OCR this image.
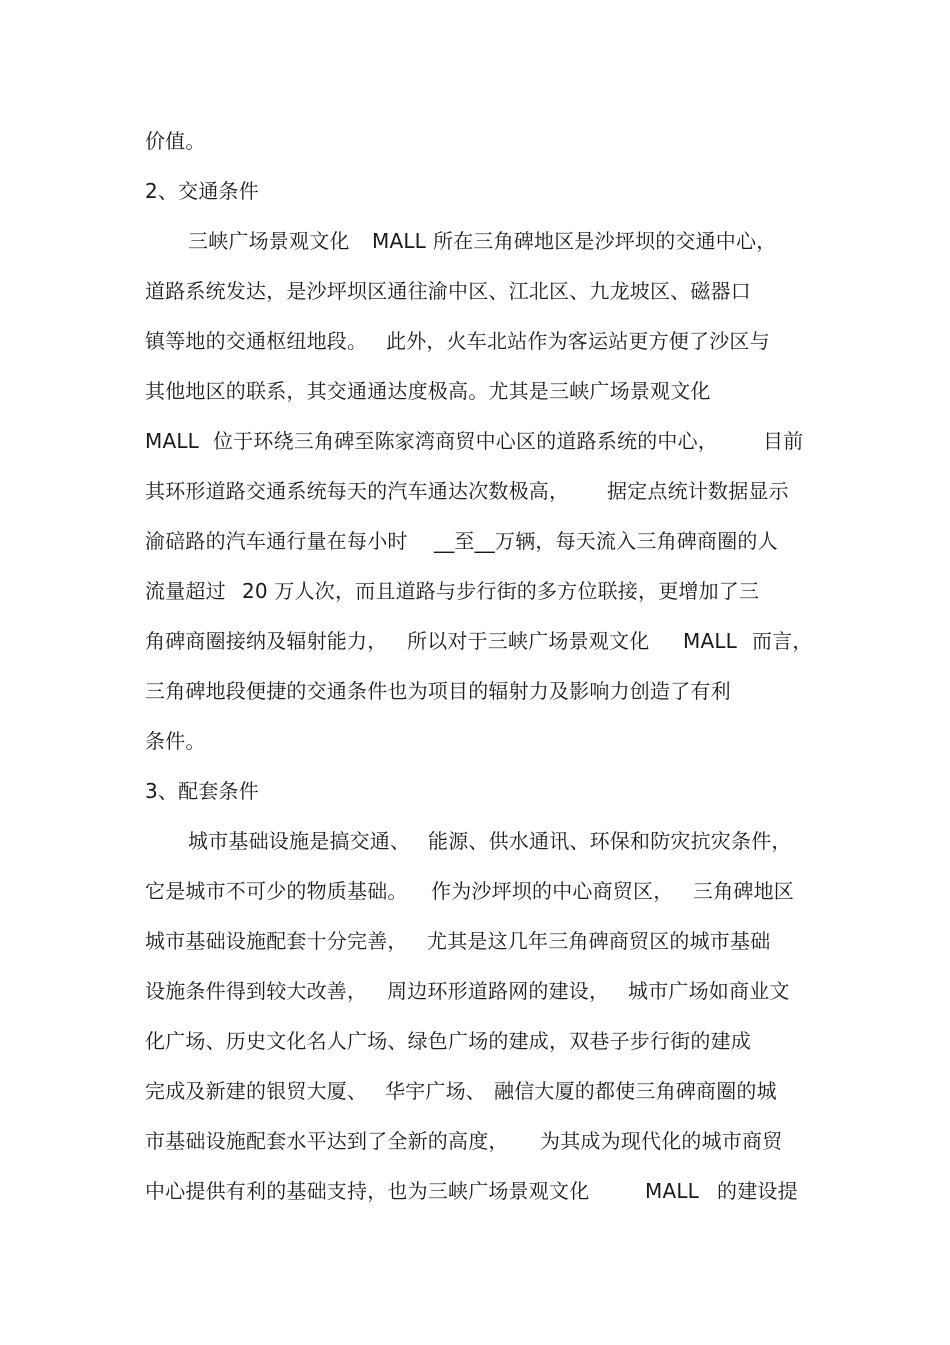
价值。

2、交通条件

三峡广场景观文化

MALL

所在三角碑地区是沙坪坝的交通中心，

道路系统发达，是沙坪坝区通往渝中区、江北区、九龙坡区、磁器口

镇等地的交通枢纽地段。

此外，火车北站作为客运站更方便了沙区与

其他地区的联系，其交通通达度极高。尤其是三峡广场景观文化

MALL

位于环绕三角碑至陈家湾商贸中心区的道路系统的中心，

目前

其环形道路交通系统每天的汽车通达次数极高，

据定点统计数据显示

渝碚路的汽车通行量在每小时

__至__万辆，每天流入三角碑商圈的人

流量超过

20 万人次，而且道路与步行街的多方位联接，更增加了三

角碑商圈接纳及辐射能力，

所以对于三峡广场景观文化

MALL

而言，

三角碑地段便捷的交通条件也为项目的辐射力及影响力创造了有利

条件。

3、配套条件

城市基础设施是搞交通、

能源、供水通讯、环保和防灾抗灾条件，

它是城市不可少的物质基础。

作为沙坪坝的中心商贸区，

三角碑地区

城市基础设施配套十分完善，

尤其是这几年三角碑商贸区的城市基础

设施条件得到较大改善，

周边环形道路网的建设，

城市广场如商业文

化广场、历史文化名人广场、绿色广场的建成，双巷子步行街的建成

完成及新建的银贸大厦、

华宇广场、

融信大厦的都使三角碑商圈的城

市基础设施配套水平达到了全新的高度，

为其成为现代化的城市商贸

中心提供有利的基础支持，也为三峡广场景观文化

	MALL

的建设提
